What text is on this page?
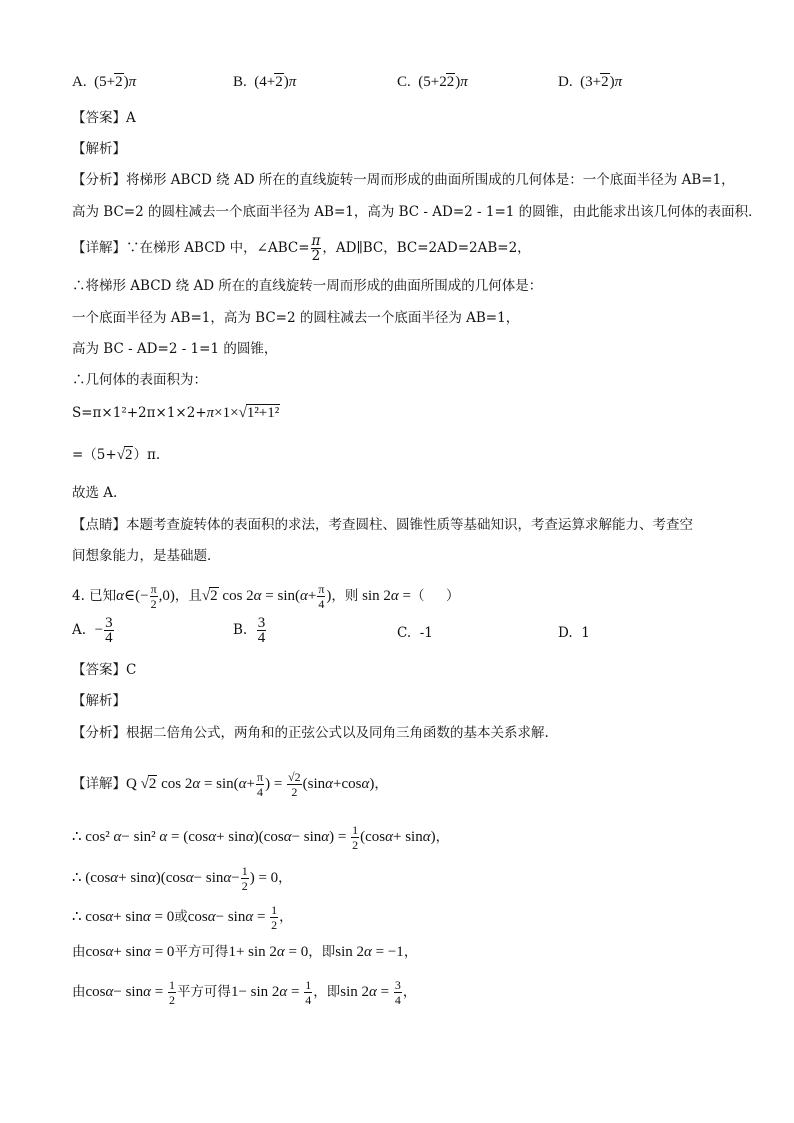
A.  (5+2)π	B.  (4+2)π	C.  (5+22)π	D.  (3+2)π
【答案】A
【解析】
【分析】将梯形 ABCD 绕 AD 所在的直线旋转一周而形成的曲面所围成的几何体是：一个底面半径为 AB=1，
高为 BC=2 的圆柱减去一个底面半径为 AB=1，高为 BC - AD=2 - 1=1 的圆锥，由此能求出该几何体的表面积．
【详解】∵在梯形 ABCD 中，∠ABC= $\frac{\pi}{2}$ ，AD∥BC，BC=2AD=2AB=2，
∴将梯形 ABCD 绕 AD 所在的直线旋转一周而形成的曲面所围成的几何体是：
一个底面半径为 AB=1，高为 BC=2 的圆柱减去一个底面半径为 AB=1，
高为 BC - AD=2 - 1=1 的圆锥，
∴几何体的表面积为：
S=π×1²+2π×1×2+π×1×√1²+1²
=（5+√2）π.
故选 A.
【点睛】本题考查旋转体的表面积的求法，考查圆柱、圆锥性质等基础知识，考查运算求解能力、考查空
间想象能力，是基础题．
4. 已知α∈(− $\frac{\pi}{2} ,0$)，且√2 $\cos 2\alpha = \sin(\alpha+ \frac{\pi}{4}$ )，则 sin 2α =（     ）
A.  − $\frac{3}{4}$	B. $\frac{3}{4}$	C.  -1	D.  1
【答案】C
【解析】
【分析】根据二倍角公式，两角和的正弦公式以及同角三角函数的基本关系求解.
【详解】Q √2 $\cos 2\alpha = \sin(\alpha+ \frac{\pi}{4}$ ) = $\frac{√2}{2} (\sin\alpha+\cos\alpha)$，
∴ cos² α− sin² $\alpha = (\cos\alpha+ \sin\alpha)(\cos\alpha- \sin\alpha) = \frac{1}{2} (\cos\alpha+ \sin\alpha)$，
∴ $(\cos\alpha+ \sin\alpha)(\cos\alpha- \sin\alpha- \frac{1}{2}$ ) = 0，
∴ cosα+ sinα = 0或$\cos\alpha- \sin\alpha = \frac{1}{2}$ ，
由cosα+ sinα = 0平方可得1+ sin 2α = 0，即sin 2α = −1，
由$\cos\alpha- \sin\alpha = \frac{1}{2}$ 平方可得$1- \sin 2\alpha = \frac{1}{4}$ ，即$\sin 2\alpha = \frac{3}{4}$ ，
